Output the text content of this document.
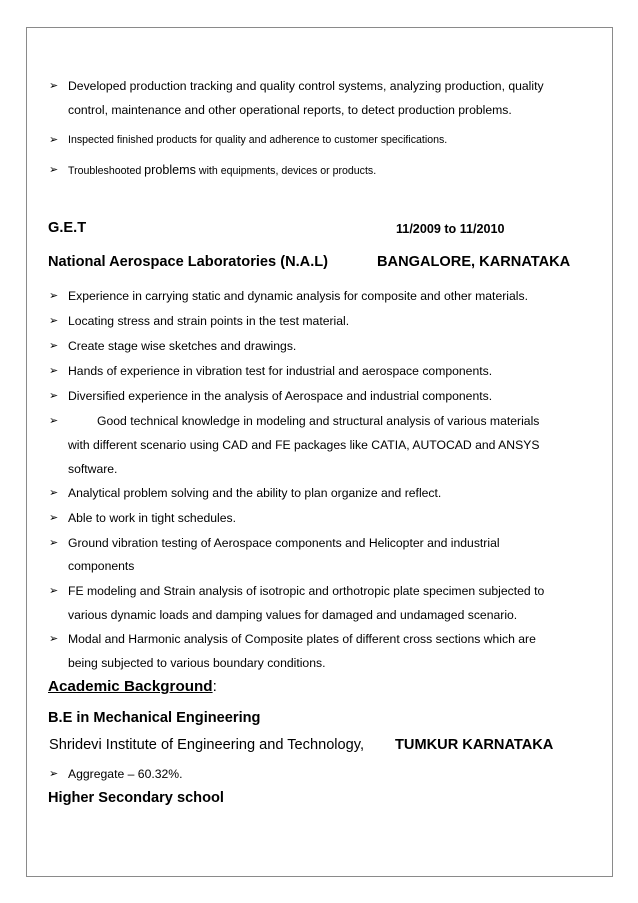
➢ Developed production tracking and quality control systems, analyzing production, quality
control, maintenance and other operational reports, to detect production problems.
➢ Inspected finished products for quality and adherence to customer specifications.
➢ Troubleshooted problems with equipments, devices or products.
G.E.T	11/2009 to 11/2010
National Aerospace Laboratories (N.A.L)	BANGALORE, KARNATAKA
➢ Experience in carrying static and dynamic analysis for composite and other materials.
➢ Locating stress and strain points in the test material.
➢ Create stage wise sketches and drawings.
➢ Hands of experience in vibration test for industrial and aerospace components.
➢ Diversified experience in the analysis of Aerospace and industrial components.
➢	Good technical knowledge in modeling and structural analysis of various materials
with different scenario using CAD and FE packages like CATIA, AUTOCAD and ANSYS
software.
➢ Analytical problem solving and the ability to plan organize and reflect.
➢ Able to work in tight schedules.
➢ Ground vibration testing of Aerospace components and Helicopter and industrial
components
➢ FE modeling and Strain analysis of isotropic and orthotropic plate specimen subjected to
various dynamic loads and damping values for damaged and undamaged scenario.
➢ Modal and Harmonic analysis of Composite plates of different cross sections which are
being subjected to various boundary conditions.
Academic Background:
B.E in Mechanical Engineering
Shridevi Institute of Engineering and Technology, TUMKUR KARNATAKA
➢ Aggregate – 60.32%.
Higher Secondary school
